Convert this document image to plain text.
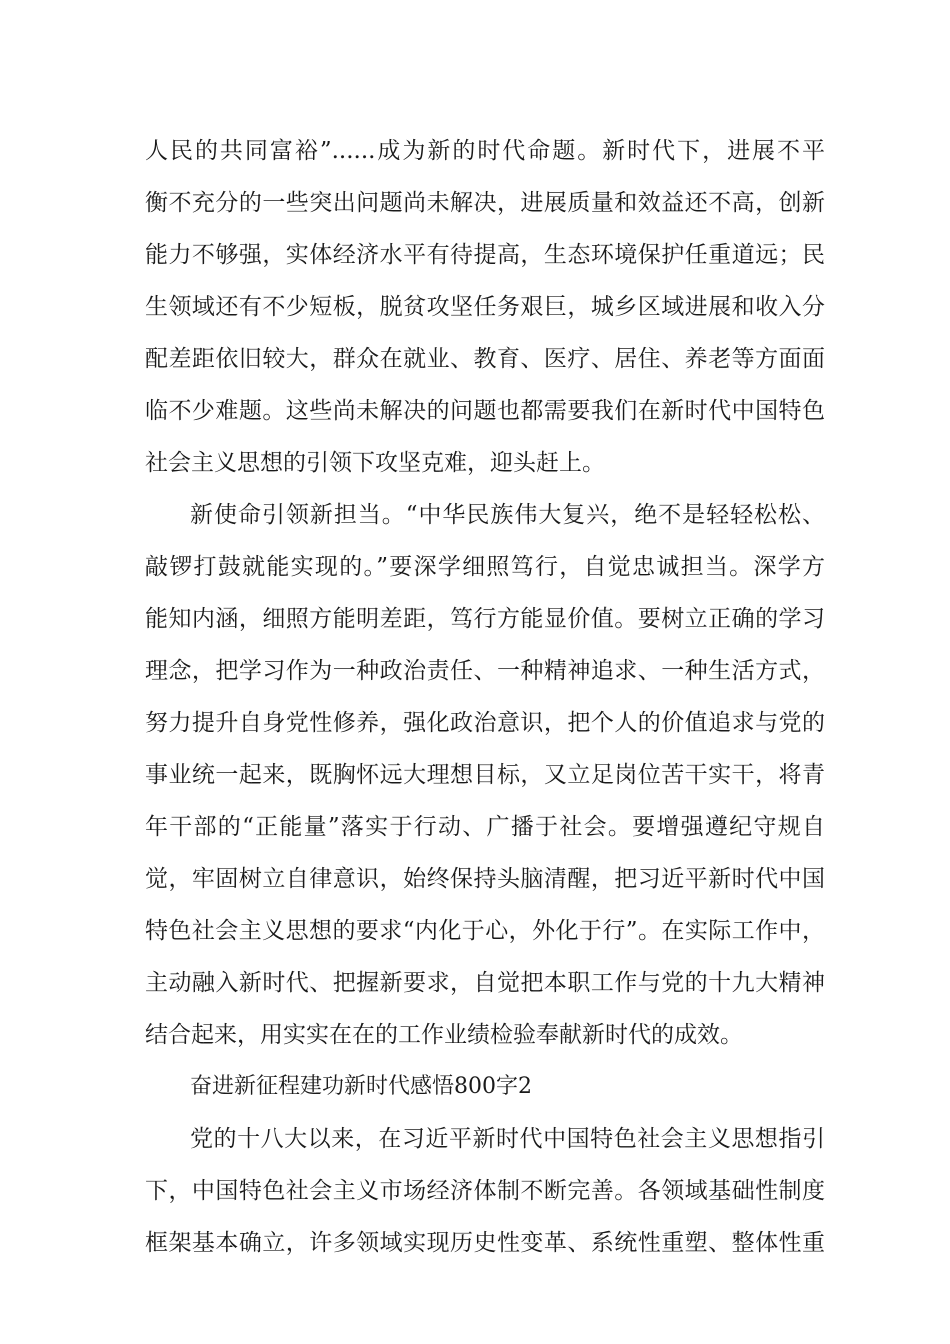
人民的共同富裕”......成为新的时代命题。新时代下，进展不平
衡不充分的一些突出问题尚未解决，进展质量和效益还不高，创新
能力不够强，实体经济水平有待提高，生态环境保护任重道远；民
生领域还有不少短板，脱贫攻坚任务艰巨，城乡区域进展和收入分
配差距依旧较大，群众在就业、教育、医疗、居住、养老等方面面
临不少难题。这些尚未解决的问题也都需要我们在新时代中国特色
社会主义思想的引领下攻坚克难，迎头赶上。
新使命引领新担当。“中华民族伟大复兴，绝不是轻轻松松、
敲锣打鼓就能实现的。”要深学细照笃行，自觉忠诚担当。深学方
能知内涵，细照方能明差距，笃行方能显价值。要树立正确的学习
理念，把学习作为一种政治责任、一种精神追求、一种生活方式，
努力提升自身党性修养，强化政治意识，把个人的价值追求与党的
事业统一起来，既胸怀远大理想目标，又立足岗位苦干实干，将青
年干部的“正能量”落实于行动、广播于社会。要增强遵纪守规自
觉，牢固树立自律意识，始终保持头脑清醒，把习近平新时代中国
特色社会主义思想的要求“内化于心，外化于行”。在实际工作中，
主动融入新时代、把握新要求，自觉把本职工作与党的十九大精神
结合起来，用实实在在的工作业绩检验奉献新时代的成效。
奋进新征程建功新时代感悟800字2
党的十八大以来，在习近平新时代中国特色社会主义思想指引
下，中国特色社会主义市场经济体制不断完善。各领域基础性制度
框架基本确立，许多领域实现历史性变革、系统性重塑、整体性重
